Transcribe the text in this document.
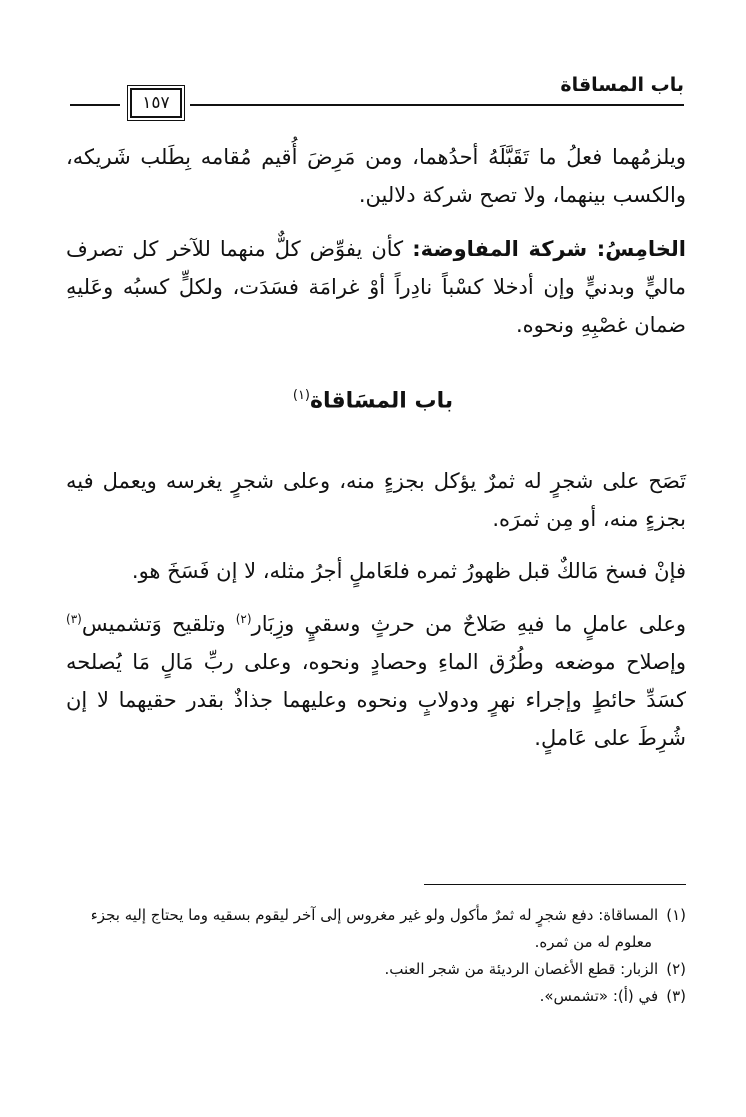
باب المساقاة
١٥٧
ويلزمُهما فعلُ ما تَقَبَّلَهُ أحدُهما، ومن مَرِضَ أُقيم مُقامه بِطَلب شَريكه، والكسب بينهما، ولا تصح شركة دلالين.
الخامِسُ: شركة المفاوضة: كأن يفوِّض كلٌّ منهما للآخر كل تصرف ماليٍّ وبدنيٍّ وإن أدخلا كسْباً نادِراً أوْ غرامَة فسَدَت، ولكلٍّ كسبُه وعَليهِ ضمان غصْبِهِ ونحوه.
باب المسَاقاة$^{(١)}$
تَصَح على شجرٍ له ثمرٌ يؤكل بجزءٍ منه، وعلى شجرٍ يغرسه ويعمل فيه بجزءٍ منه، أو مِن ثمرَه.
فإنْ فسخ مَالكٌ قبل ظهورُ ثمره فلعَاملٍ أجرُ مثله، لا إن فَسَخَ هو.
وعلى عاملٍ ما فيهِ صَلاحٌ من حرثٍ وسقيٍ وزِبَار$^{(٢)}$ وتلقيح وَتشميس$^{(٣)}$ وإصلاح موضعه وطُرُق الماءِ وحصادٍ ونحوه، وعلى ربِّ مَالٍ مَا يُصلحه كسَدِّ حائطٍ وإجراء نهرٍ ودولابٍ ونحوه وعليهما جذاذٌ بقدر حقيهما لا إن شُرِطَ على عَاملٍ.
(١)المساقاة: دفع شجرٍ له ثمرٌ مأكول ولو غير مغروس إلى آخر ليقوم بسقيه وما يحتاج إليه بجزء
معلوم له من ثمره.
(٢)الزبار: قطع الأغصان الرديئة من شجر العنب.
(٣)في (أ): «تشمس».
